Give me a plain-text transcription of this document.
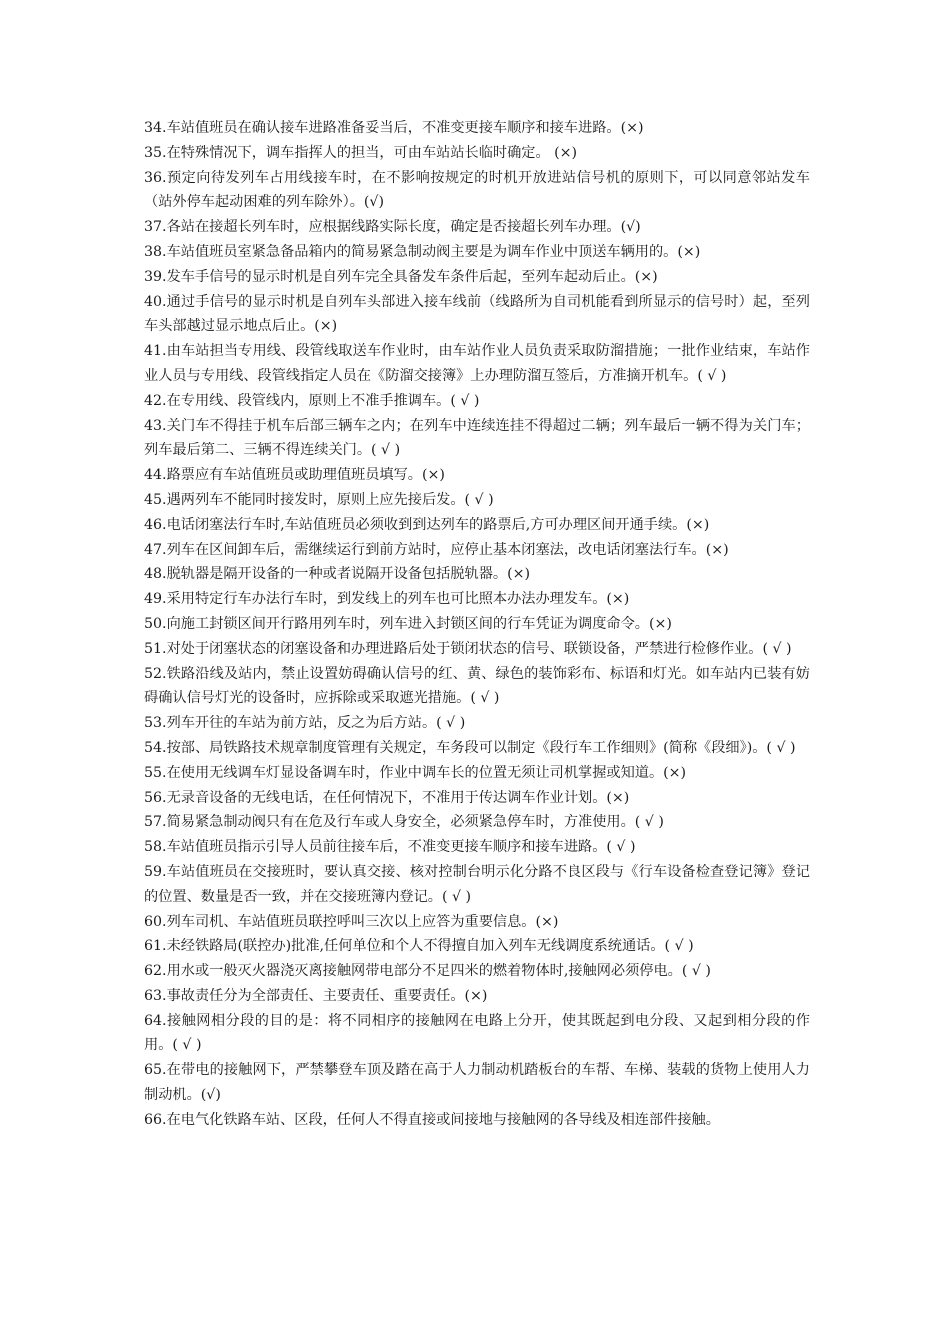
34.车站值班员在确认接车进路准备妥当后，不准变更接车顺序和接车进路。(×)

35.在特殊情况下，调车指挥人的担当，可由车站站长临时确定。 (×)

36.预定向待发列车占用线接车时，在不影响按规定的时机开放进站信号机的原则下，可以同意邻站发车（站外停车起动困难的列车除外）。(√)

37.各站在接超长列车时，应根据线路实际长度，确定是否接超长列车办理。(√)

38.车站值班员室紧急备品箱内的简易紧急制动阀主要是为调车作业中顶送车辆用的。(×)

39.发车手信号的显示时机是自列车完全具备发车条件后起，至列车起动后止。(×)

40.通过手信号的显示时机是自列车头部进入接车线前（线路所为自司机能看到所显示的信号时）起，至列车头部越过显示地点后止。(×)

41.由车站担当专用线、段管线取送车作业时，由车站作业人员负责采取防溜措施；一批作业结束，车站作业人员与专用线、段管线指定人员在《防溜交接簿》上办理防溜互签后，方准摘开机车。( √ )

42.在专用线、段管线内，原则上不准手推调车。( √ )

43.关门车不得挂于机车后部三辆车之内；在列车中连续连挂不得超过二辆；列车最后一辆不得为关门车；列车最后第二、三辆不得连续关门。( √ )

44.路票应有车站值班员或助理值班员填写。(×)

45.遇两列车不能同时接发时，原则上应先接后发。( √ )

46.电话闭塞法行车时,车站值班员必须收到到达列车的路票后,方可办理区间开通手续。(×)

47.列车在区间卸车后，需继续运行到前方站时，应停止基本闭塞法，改电话闭塞法行车。(×)

48.脱轨器是隔开设备的一种或者说隔开设备包括脱轨器。(×)

49.采用特定行车办法行车时，到发线上的列车也可比照本办法办理发车。(×)

50.向施工封锁区间开行路用列车时，列车进入封锁区间的行车凭证为调度命令。(×)

51.对处于闭塞状态的闭塞设备和办理进路后处于锁闭状态的信号、联锁设备，严禁进行检修作业。( √ )

52.铁路沿线及站内，禁止设置妨碍确认信号的红、黄、绿色的装饰彩布、标语和灯光。如车站内已装有妨碍确认信号灯光的设备时，应拆除或采取遮光措施。( √ )

53.列车开往的车站为前方站，反之为后方站。( √ )

54.按部、局铁路技术规章制度管理有关规定，车务段可以制定《段行车工作细则》(简称《段细》)。( √ )

55.在使用无线调车灯显设备调车时，作业中调车长的位置无须让司机掌握或知道。(×)

56.无录音设备的无线电话，在任何情况下，不准用于传达调车作业计划。(×)

57.简易紧急制动阀只有在危及行车或人身安全，必须紧急停车时，方准使用。( √ )

58.车站值班员指示引导人员前往接车后，不准变更接车顺序和接车进路。( √ )

59.车站值班员在交接班时，要认真交接、核对控制台明示化分路不良区段与《行车设备检查登记簿》登记的位置、数量是否一致，并在交接班簿内登记。( √ )

60.列车司机、车站值班员联控呼叫三次以上应答为重要信息。(×)

61.未经铁路局(联控办)批准,任何单位和个人不得擅自加入列车无线调度系统通话。( √ )

62.用水或一般灭火器浇灭离接触网带电部分不足四米的燃着物体时,接触网必须停电。( √ )

63.事故责任分为全部责任、主要责任、重要责任。(×)

64.接触网相分段的目的是：将不同相序的接触网在电路上分开，使其既起到电分段、又起到相分段的作用。( √ )

65.在带电的接触网下，严禁攀登车顶及踏在高于人力制动机踏板台的车帮、车梯、装载的货物上使用人力制动机。(√)

66.在电气化铁路车站、区段，任何人不得直接或间接地与接触网的各导线及相连部件接触。
